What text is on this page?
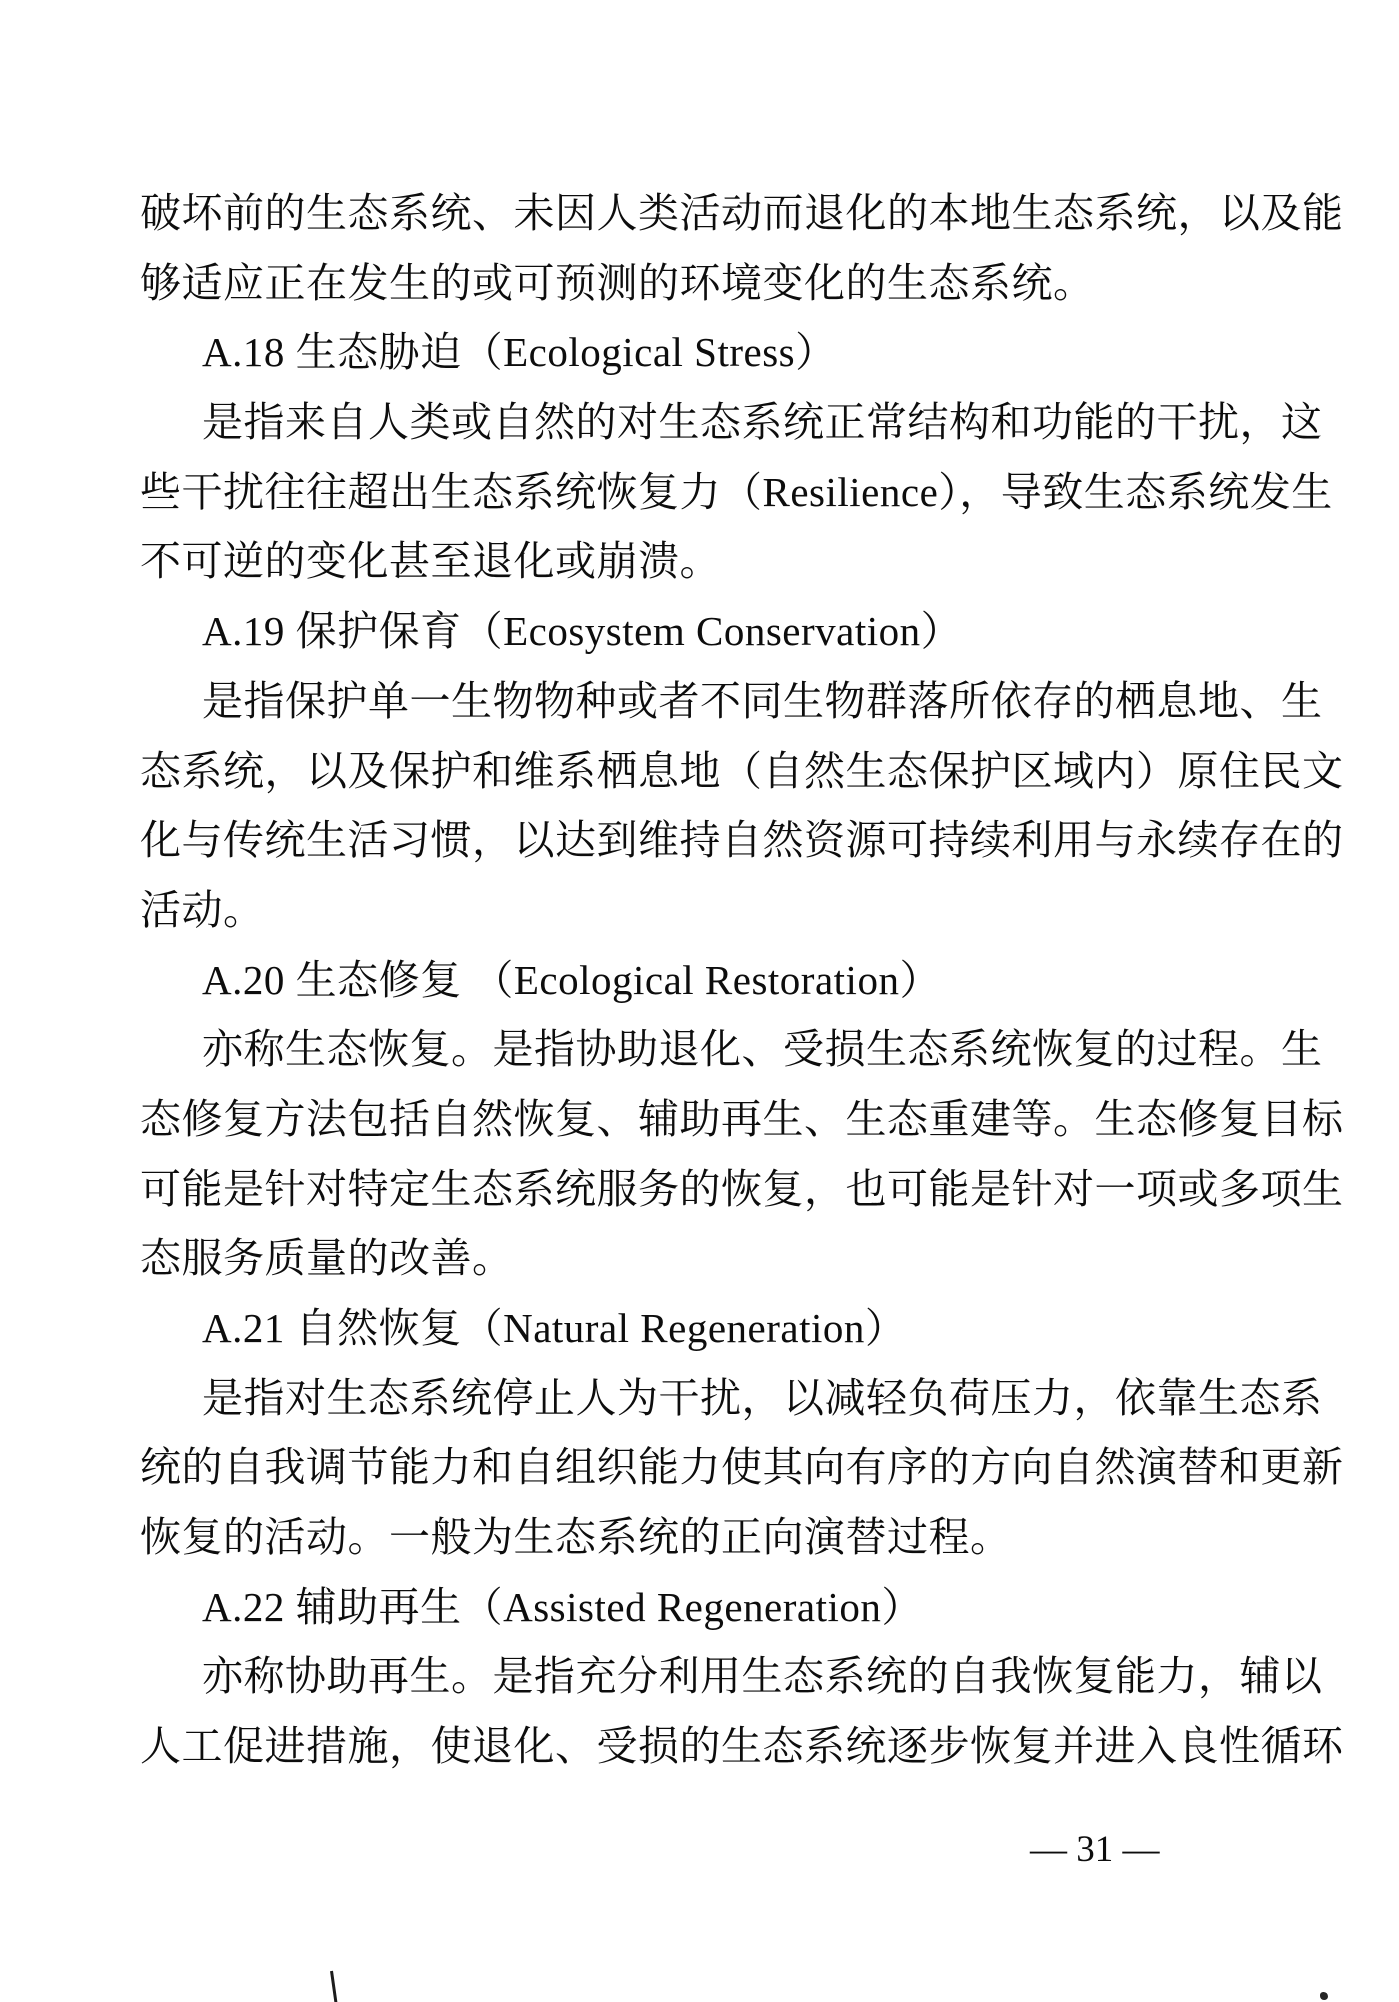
破坏前的生态系统、未因人类活动而退化的本地生态系统，以及能
够适应正在发生的或可预测的环境变化的生态系统。
A.18 生态胁迫（Ecological Stress）
是指来自人类或自然的对生态系统正常结构和功能的干扰，这
些干扰往往超出生态系统恢复力（Resilience），导致生态系统发生
不可逆的变化甚至退化或崩溃。
A.19 保护保育（Ecosystem Conservation）
是指保护单一生物物种或者不同生物群落所依存的栖息地、生
态系统，以及保护和维系栖息地（自然生态保护区域内）原住民文
化与传统生活习惯，以达到维持自然资源可持续利用与永续存在的
活动。
A.20 生态修复 （Ecological Restoration）
亦称生态恢复。是指协助退化、受损生态系统恢复的过程。生
态修复方法包括自然恢复、辅助再生、生态重建等。生态修复目标
可能是针对特定生态系统服务的恢复，也可能是针对一项或多项生
态服务质量的改善。
A.21 自然恢复（Natural Regeneration）
是指对生态系统停止人为干扰，以减轻负荷压力，依靠生态系
统的自我调节能力和自组织能力使其向有序的方向自然演替和更新
恢复的活动。一般为生态系统的正向演替过程。
A.22 辅助再生（Assisted Regeneration）
亦称协助再生。是指充分利用生态系统的自我恢复能力，辅以
人工促进措施，使退化、受损的生态系统逐步恢复并进入良性循环
— 31 —
